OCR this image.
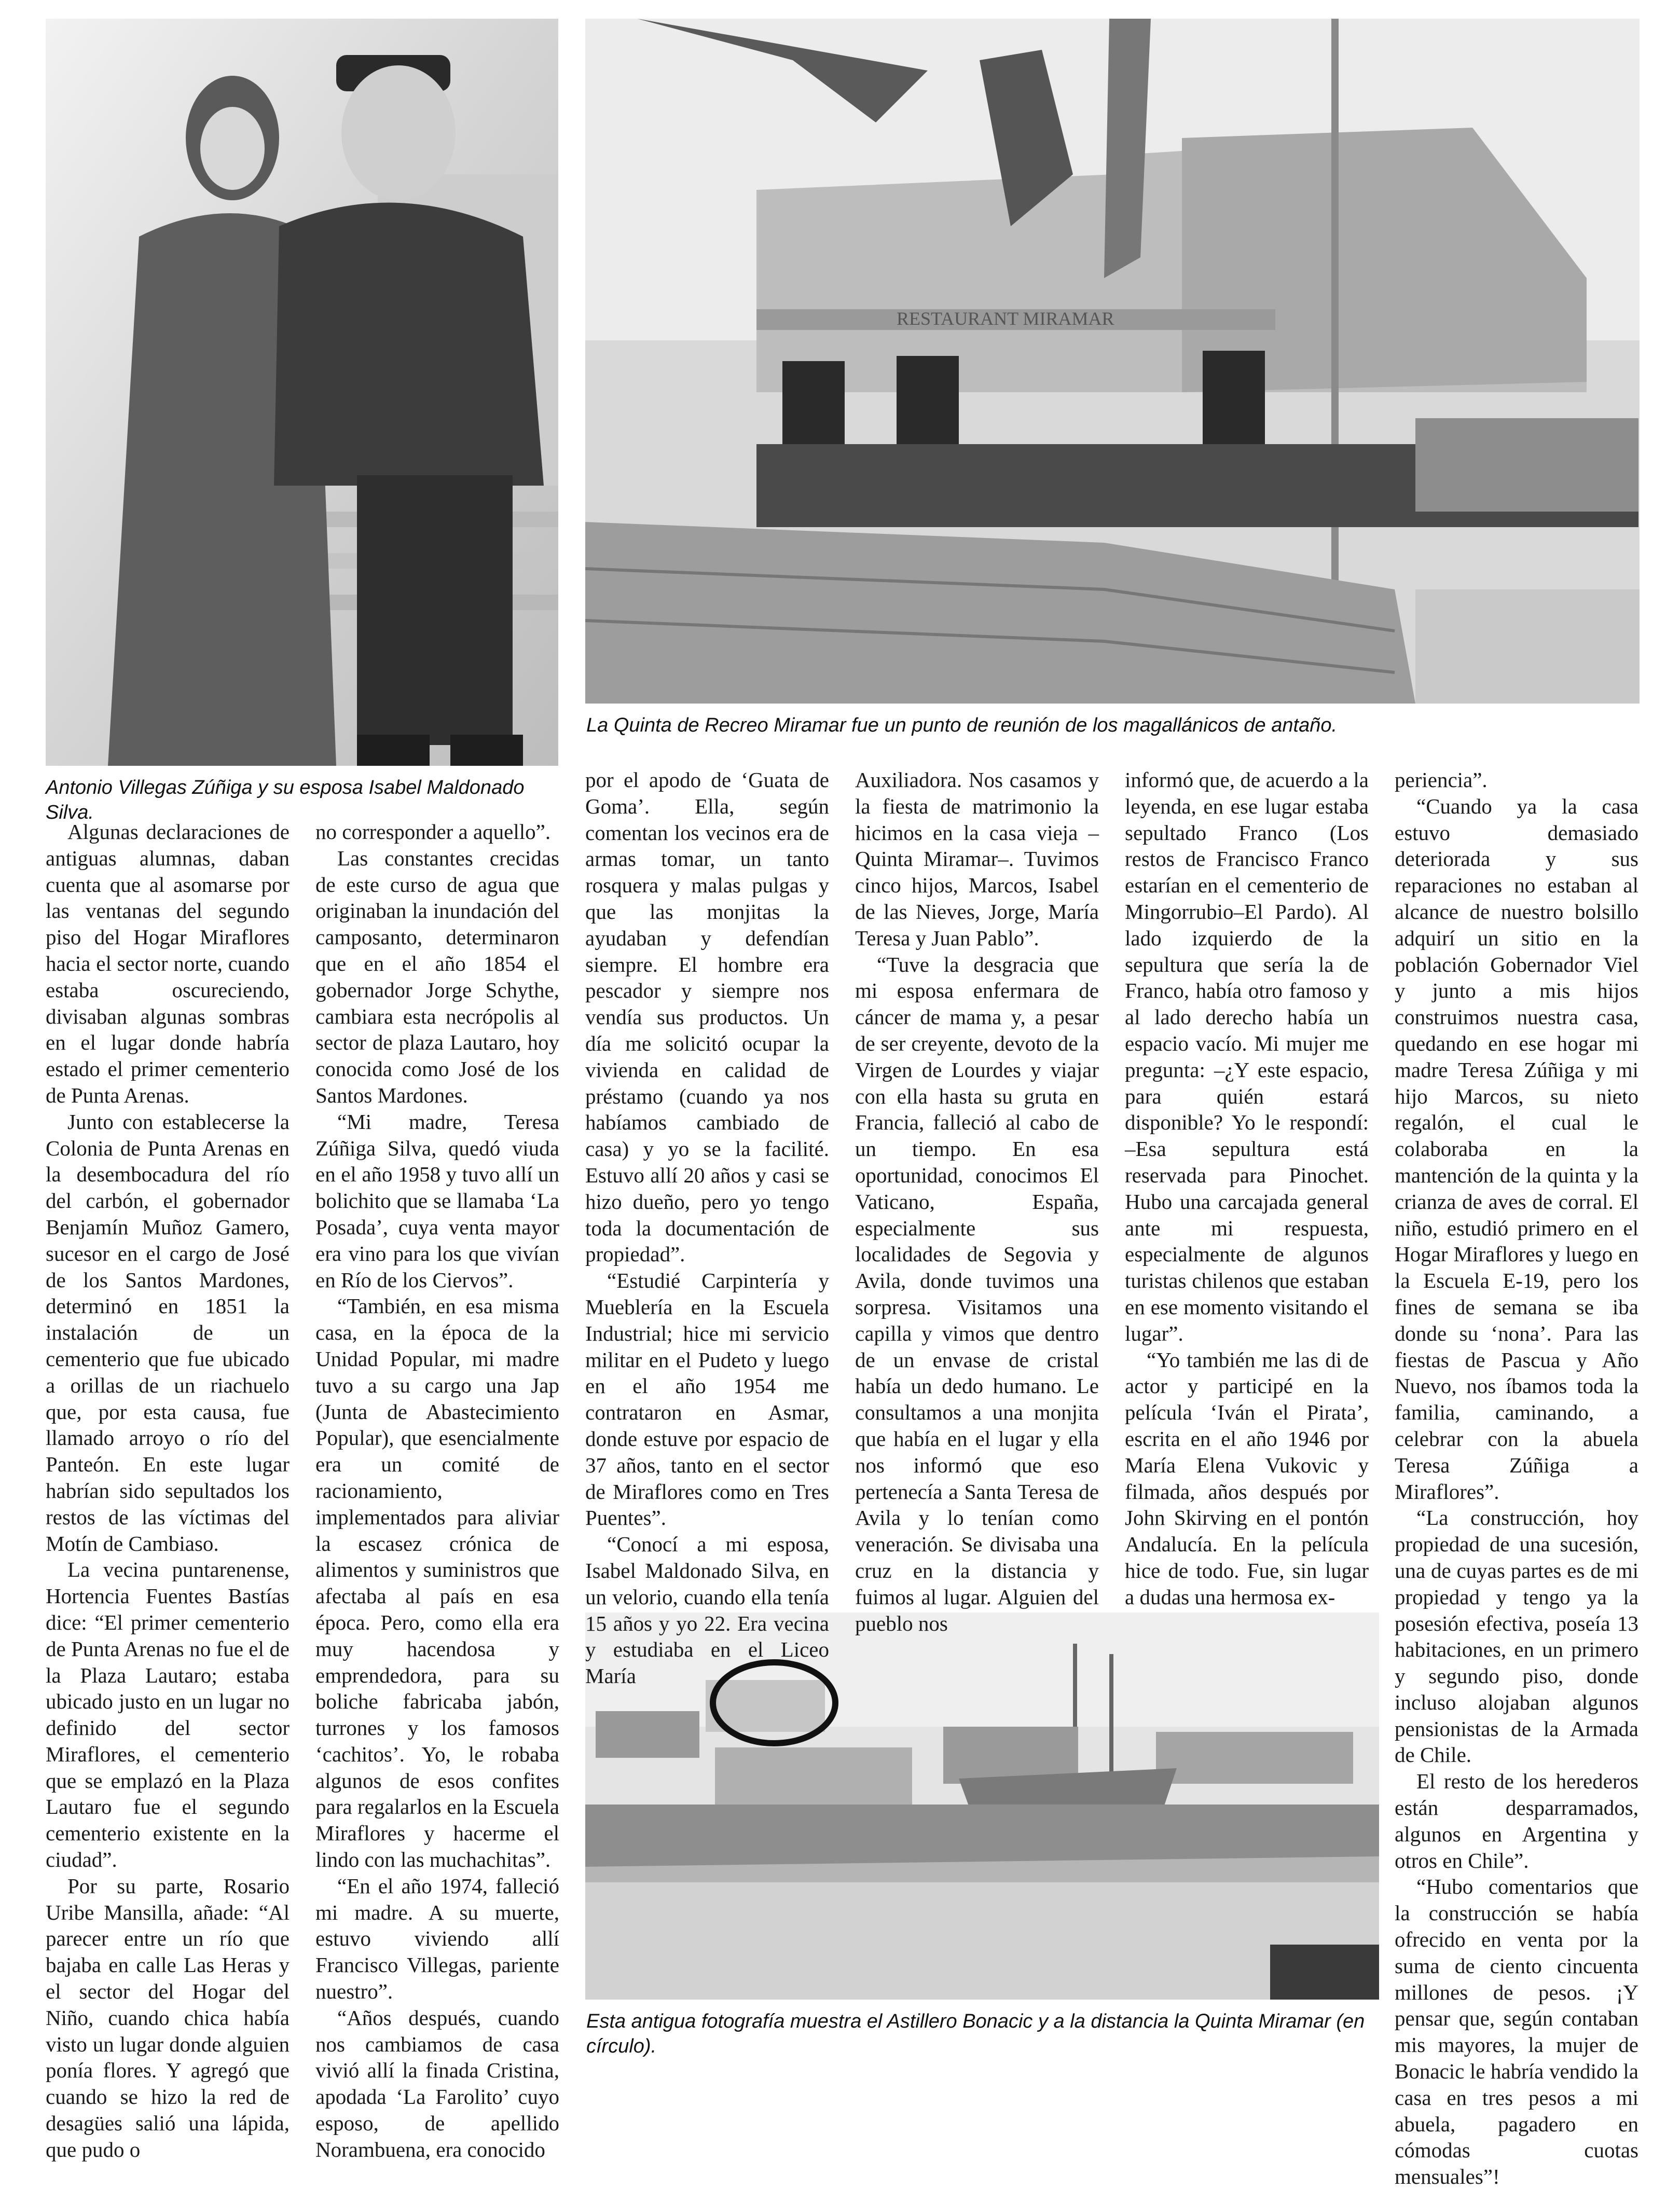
Antonio Villegas Zúñiga y su esposa Isabel Maldonado Silva.

RESTAURANT MIRAMAR

La Quinta de Recreo Miramar fue un punto de reunión de los magallánicos de antaño.

Esta antigua fotografía muestra el Astillero Bonacic y a la distancia la Quinta Miramar (en círculo).

Algunas declaraciones de antiguas alumnas, daban cuenta que al asomarse por las ventanas del segundo piso del Hogar Miraflores hacia el sector norte, cuando estaba oscureciendo, divisaban algunas sombras en el lugar donde habría estado el primer cementerio de Punta Arenas.

Junto con establecerse la Colonia de Punta Arenas en la desembocadura del río del carbón, el gobernador Benjamín Muñoz Gamero, sucesor en el cargo de José de los Santos Mardones, determinó en 1851 la instalación de un cementerio que fue ubicado a orillas de un riachuelo que, por esta causa, fue llamado arroyo o río del Panteón. En este lugar habrían sido sepultados los restos de las víctimas del Motín de Cambiaso.

La vecina puntarenense, Hortencia Fuentes Bastías dice: “El primer cementerio de Punta Arenas no fue el de la Plaza Lautaro; estaba ubicado justo en un lugar no definido del sector Miraflores, el cementerio que se emplazó en la Plaza Lautaro fue el segundo cementerio existente en la ciudad”.

Por su parte, Rosario Uribe Mansilla, añade: “Al parecer entre un río que bajaba en calle Las Heras y el sector del Hogar del Niño, cuando chica había visto un lugar donde alguien ponía flores. Y agregó que cuando se hizo la red de desagües salió una lápida, que pudo o

no corresponder a aquello”.

Las constantes crecidas de este curso de agua que originaban la inundación del camposanto, determinaron que en el año 1854 el gobernador Jorge Schythe, cambiara esta necrópolis al sector de plaza Lautaro, hoy conocida como José de los Santos Mardones.

“Mi madre, Teresa Zúñiga Silva, quedó viuda en el año 1958 y tuvo allí un bolichito que se llamaba ‘La Posada’, cuya venta mayor era vino para los que vivían en Río de los Ciervos”.

“También, en esa misma casa, en la época de la Unidad Popular, mi madre tuvo a su cargo una Jap (Junta de Abastecimiento Popular), que esencialmente era un comité de racionamiento, implementados para aliviar la escasez crónica de alimentos y suministros que afectaba al país en esa época. Pero, como ella era muy hacendosa y emprendedora, para su boliche fabricaba jabón, turrones y los famosos ‘cachitos’. Yo, le robaba algunos de esos confites para regalarlos en la Escuela Miraflores y hacerme el lindo con las muchachitas”.

“En el año 1974, falleció mi madre. A su muerte, estuvo viviendo allí Francisco Villegas, pariente nuestro”.

“Años después, cuando nos cambiamos de casa vivió allí la finada Cristina, apodada ‘La Farolito’ cuyo esposo, de apellido Norambuena, era conocido

por el apodo de ‘Guata de Goma’. Ella, según comentan los vecinos era de armas tomar, un tanto rosquera y malas pulgas y que las monjitas la ayudaban y defendían siempre. El hombre era pescador y siempre nos vendía sus productos. Un día me solicitó ocupar la vivienda en calidad de préstamo (cuando ya nos habíamos cambiado de casa) y yo se la facilité. Estuvo allí 20 años y casi se hizo dueño, pero yo tengo toda la documentación de propiedad”.

“Estudié Carpintería y Mueblería en la Escuela Industrial; hice mi servicio militar en el Pudeto y luego en el año 1954 me contrataron en Asmar, donde estuve por espacio de 37 años, tanto en el sector de Miraflores como en Tres Puentes”.

“Conocí a mi esposa, Isabel Maldonado Silva, en un velorio, cuando ella tenía 15 años y yo 22. Era vecina y estudiaba en el Liceo María

Auxiliadora. Nos casamos y la fiesta de matrimonio la hicimos en la casa vieja –Quinta Miramar–. Tuvimos cinco hijos, Marcos, Isabel de las Nieves, Jorge, María Teresa y Juan Pablo”.

“Tuve la desgracia que mi esposa enfermara de cáncer de mama y, a pesar de ser creyente, devoto de la Virgen de Lourdes y viajar con ella hasta su gruta en Francia, falleció al cabo de un tiempo. En esa oportunidad, conocimos El Vaticano, España, especialmente sus localidades de Segovia y Avila, donde tuvimos una sorpresa. Visitamos una capilla y vimos que dentro de un envase de cristal había un dedo humano. Le consultamos a una monjita que había en el lugar y ella nos informó que eso pertenecía a Santa Teresa de Avila y lo tenían como veneración. Se divisaba una cruz en la distancia y fuimos al lugar. Alguien del pueblo nos

informó que, de acuerdo a la leyenda, en ese lugar estaba sepultado Franco (Los restos de Francisco Franco estarían en el cementerio de Mingorrubio–El Pardo). Al lado izquierdo de la sepultura que sería la de Franco, había otro famoso y al lado derecho había un espacio vacío. Mi mujer me pregunta: –¿Y este espacio, para quién estará disponible? Yo le respondí: –Esa sepultura está reservada para Pinochet. Hubo una carcajada general ante mi respuesta, especialmente de algunos turistas chilenos que estaban en ese momento visitando el lugar”.

“Yo también me las di de actor y participé en la película ‘Iván el Pirata’, escrita en el año 1946 por María Elena Vukovic y filmada, años después por John Skirving en el pontón Andalucía. En la película hice de todo. Fue, sin lugar a dudas una hermosa ex-

periencia”.

“Cuando ya la casa estuvo demasiado deteriorada y sus reparaciones no estaban al alcance de nuestro bolsillo adquirí un sitio en la población Gobernador Viel y junto a mis hijos construimos nuestra casa, quedando en ese hogar mi madre Teresa Zúñiga y mi hijo Marcos, su nieto regalón, el cual le colaboraba en la mantención de la quinta y la crianza de aves de corral. El niño, estudió primero en el Hogar Miraflores y luego en la Escuela E-19, pero los fines de semana se iba donde su ‘nona’. Para las fiestas de Pascua y Año Nuevo, nos íbamos toda la familia, caminando, a celebrar con la abuela Teresa Zúñiga a Miraflores”.

“La construcción, hoy propiedad de una sucesión, una de cuyas partes es de mi propiedad y tengo ya la posesión efectiva, poseía 13 habitaciones, en un primero y segundo piso, donde incluso alojaban algunos pensionistas de la Armada de Chile.

El resto de los herederos están desparramados, algunos en Argentina y otros en Chile”.

“Hubo comentarios que la construcción se había ofrecido en venta por la suma de ciento cincuenta millones de pesos. ¡Y pensar que, según contaban mis mayores, la mujer de Bonacic le habría vendido la casa en tres pesos a mi abuela, pagadero en cómodas cuotas mensuales”!
